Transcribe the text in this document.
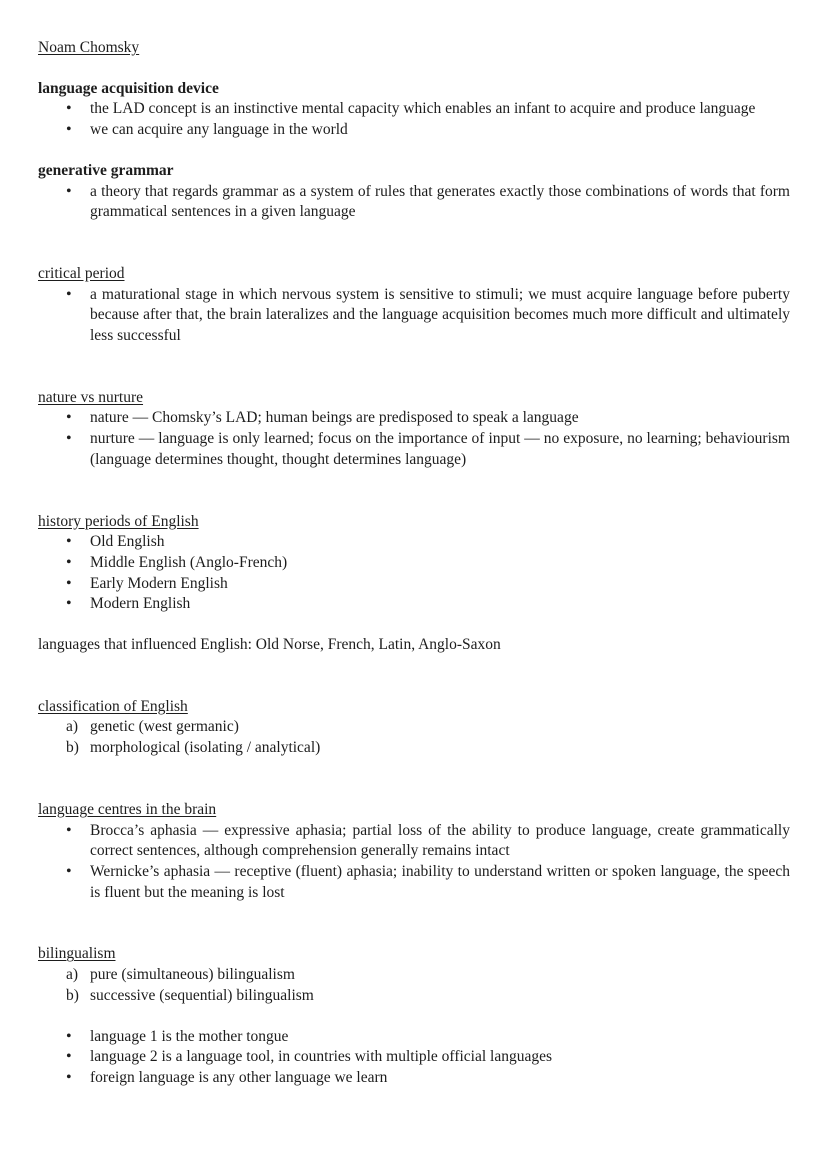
Noam Chomsky
language acquisition device
• the LAD concept is an instinctive mental capacity which enables an infant to acquire and produce language
• we can acquire any language in the world
generative grammar
• a theory that regards grammar as a system of rules that generates exactly those combinations of words that form grammatical sentences in a given language
critical period
• a maturational stage in which nervous system is sensitive to stimuli; we must acquire language before puberty because after that, the brain lateralizes and the language acquisition becomes much more difficult and ultimately less successful
nature vs nurture
• nature — Chomsky’s LAD; human beings are predisposed to speak a language
• nurture — language is only learned; focus on the importance of input — no exposure, no learning; behaviourism (language determines thought, thought determines language)
history periods of English
• Old English
• Middle English (Anglo-French)
• Early Modern English
• Modern English
languages that influenced English: Old Norse, French, Latin, Anglo-Saxon
classification of English
a) genetic (west germanic)
b) morphological (isolating / analytical)
language centres in the brain
• Brocca’s aphasia — expressive aphasia; partial loss of the ability to produce language, create grammatically correct sentences, although comprehension generally remains intact
• Wernicke’s aphasia — receptive (fluent) aphasia; inability to understand written or spoken language, the speech is fluent but the meaning is lost
bilingualism
a) pure (simultaneous) bilingualism
b) successive (sequential) bilingualism
• language 1 is the mother tongue
• language 2 is a language tool, in countries with multiple official languages
• foreign language is any other language we learn
